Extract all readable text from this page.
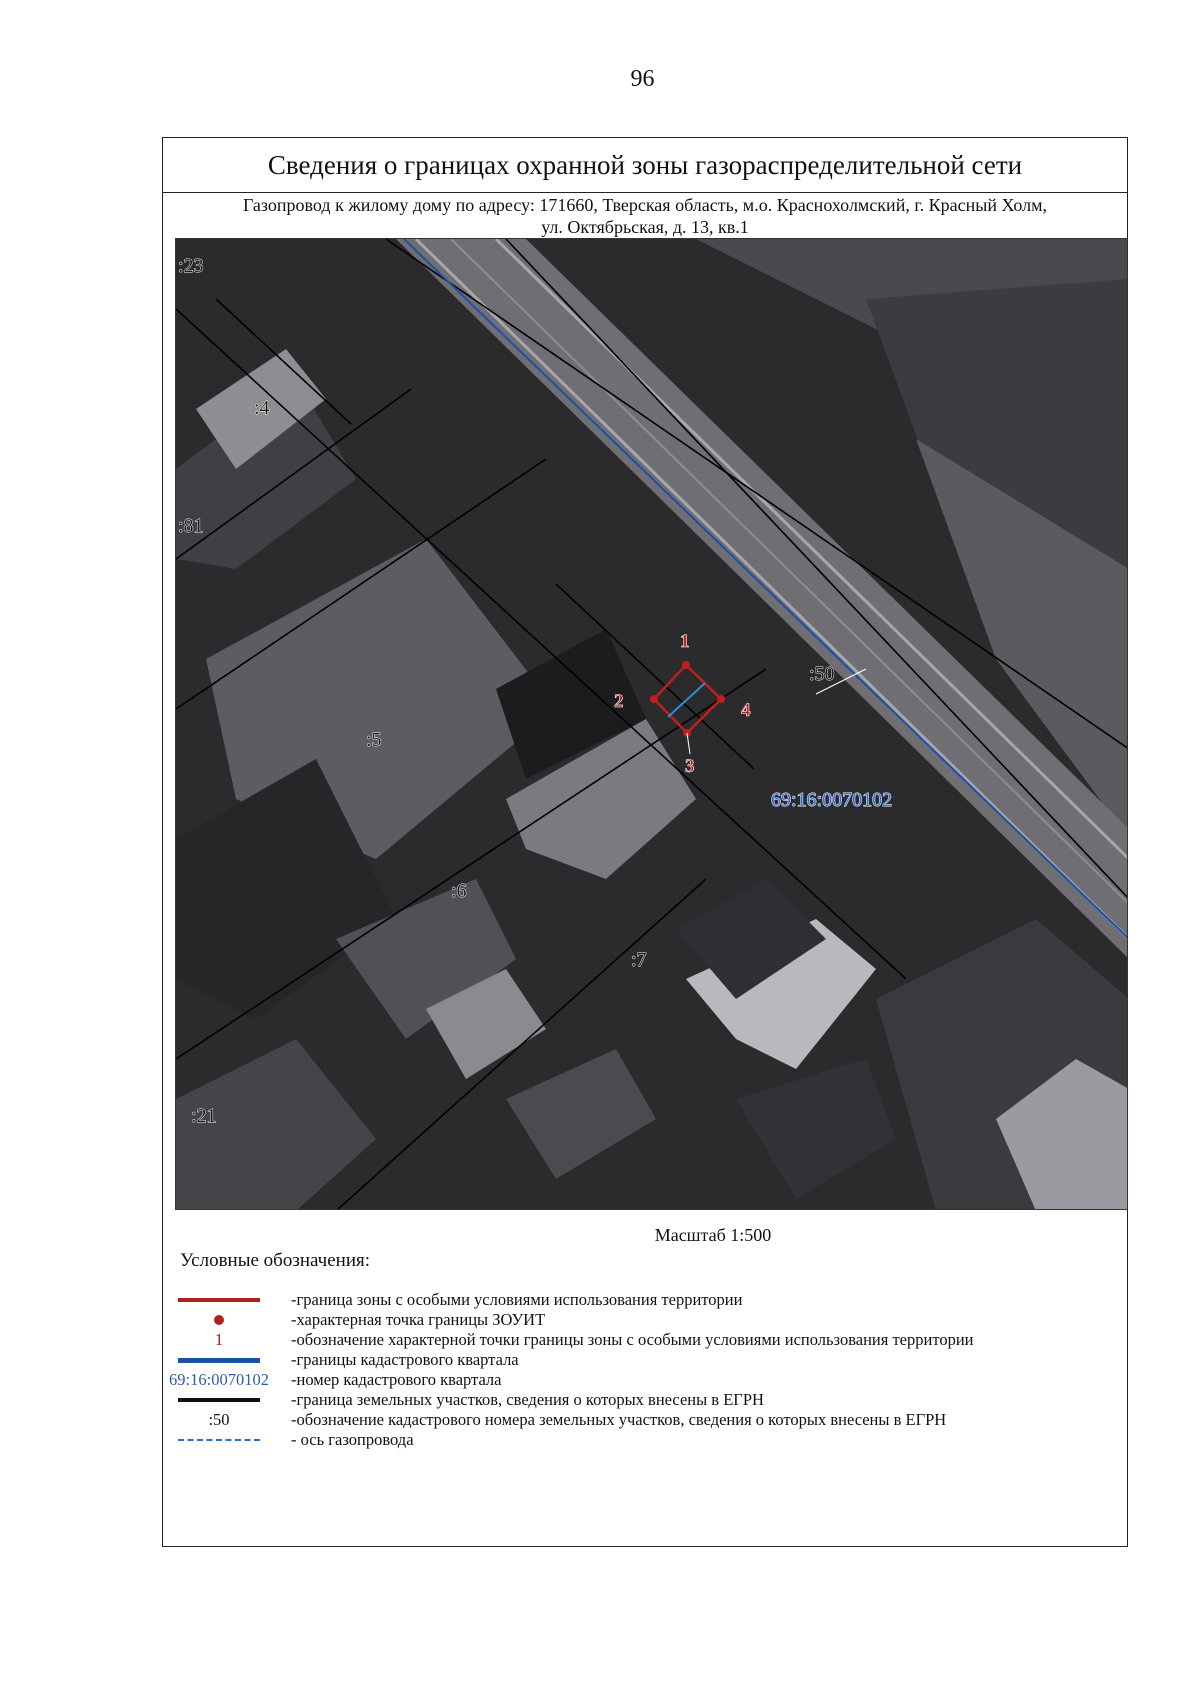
96
Сведения о границах охранной зоны газораспределительной сети
Газопровод к жилому дому по адресу: 171660, Тверская область, м.о. Краснохолмский, г. Красный Холм,
ул. Октябрьская, д. 13, кв.1
1
2
3
4
:23
:4
:81
:50
:5
:6
:7
:21
69:16:0070102
Масштаб 1:500
Условные обозначения:
-граница зоны с особыми условиями использования территории
-характерная точка границы ЗОУИТ
1	-обозначение характерной точки границы зоны с особыми условиями использования территории
-границы кадастрового квартала
69:16:0070102 -номер кадастрового квартала
-граница земельных участков, сведения о которых внесены в ЕГРН
:50	-обозначение кадастрового номера земельных участков, сведения о которых внесены в ЕГРН
- ось газопровода
